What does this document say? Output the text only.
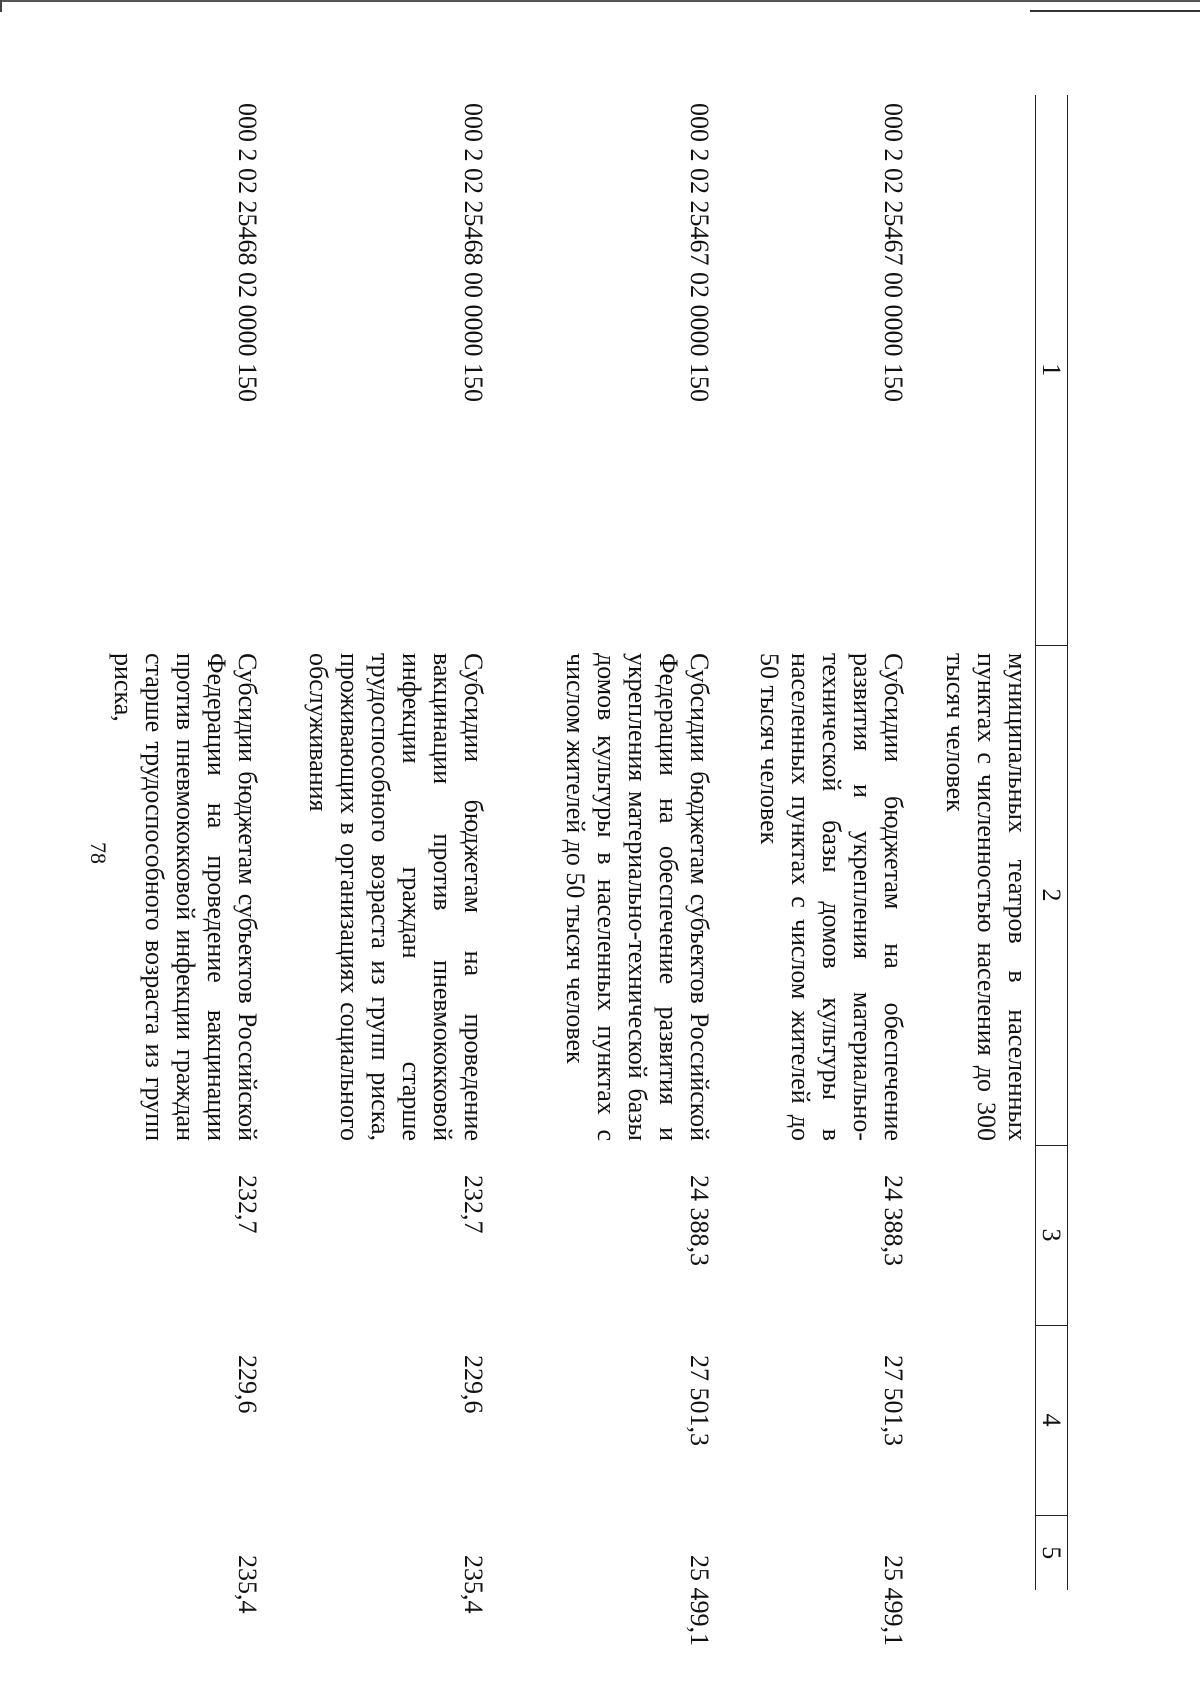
78
1	2	3	4	5
	муниципальных театров в населенных пунктах с численностью населения до 300 тысяч человек			
000 2 02 25467 00 0000 150	Субсидии бюджетам на обеспечение развития и укрепления материально-технической базы домов культуры в населенных пунктах с числом жителей до 50 тысяч человек	24 388,3	27 501,3	25 499,1
000 2 02 25467 02 0000 150	Субсидии бюджетам субъектов Российской Федерации на обеспечение развития и укрепления материально-технической базы домов культуры в населенных пунктах с числом жителей до 50 тысяч человек	24 388,3	27 501,3	25 499,1
000 2 02 25468 00 0000 150	Субсидии бюджетам на проведение вакцинации против пневмококковой инфекции граждан старше трудоспособного возраста из групп риска, проживающих в организациях социального обслуживания	232,7	229,6	235,4
000 2 02 25468 02 0000 150	Субсидии бюджетам субъектов Российской Федерации на проведение вакцинации против пневмококковой инфекции граждан старше трудоспособного возраста из групп риска,	232,7	229,6	235,4
